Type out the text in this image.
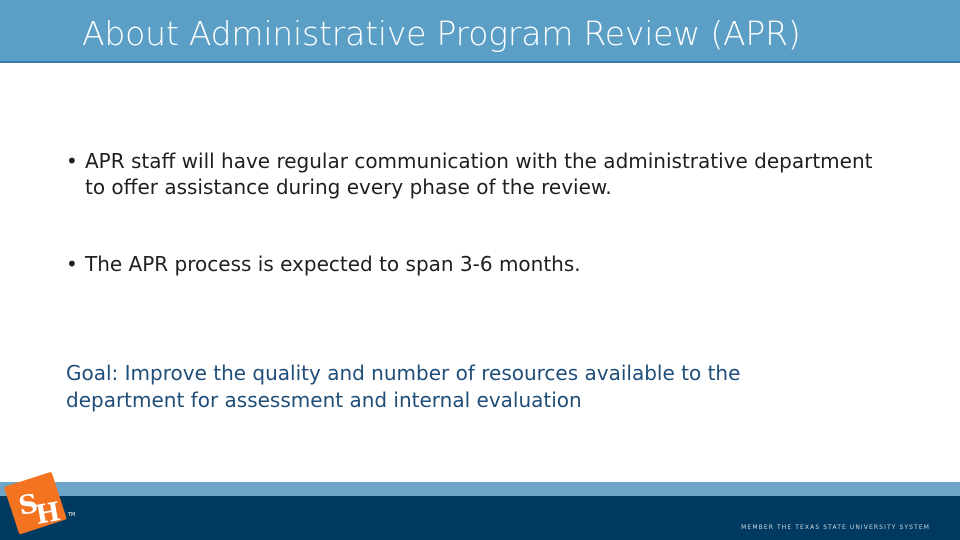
About Administrative Program Review (APR)
• APR staff will have regular communication with the administrative department to offer assistance during every phase of the review.
• The APR process is expected to span 3-6 months.

Goal: Improve the quality and number of resources available to the department for assessment and internal evaluation

S
H TM
MEMBER THE TEXAS STATE UNIVERSITY SYSTEM
